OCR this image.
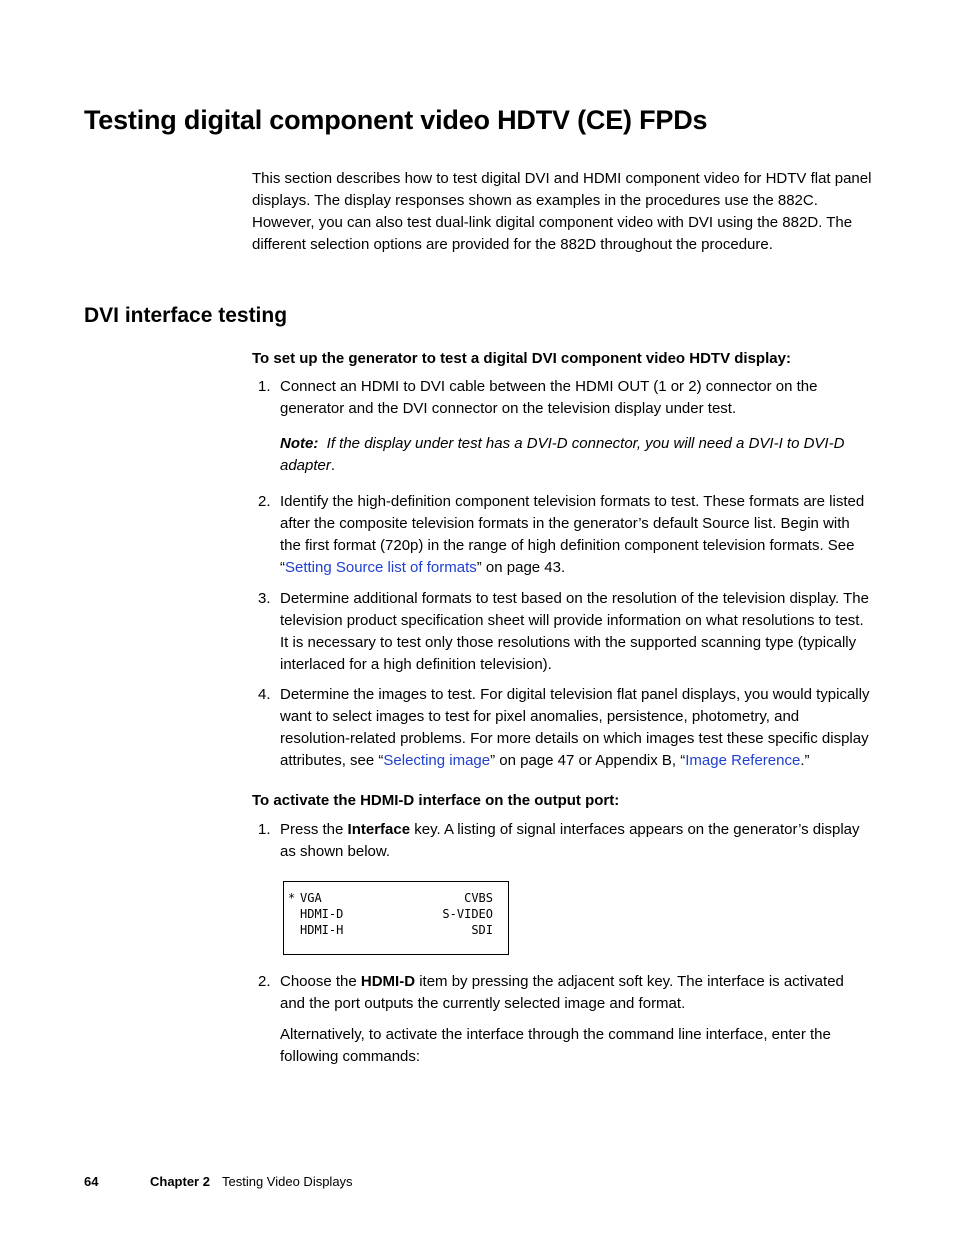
Testing digital component video HDTV (CE) FPDs
This section describes how to test digital DVI and HDMI component video for HDTV flat panel displays. The display responses shown as examples in the procedures use the 882C. However, you can also test dual-link digital component video with DVI using the 882D. The different selection options are provided for the 882D throughout the procedure.
DVI interface testing
To set up the generator to test a digital DVI component video HDTV display:
1. Connect an HDMI to DVI cable between the HDMI OUT (1 or 2) connector on the generator and the DVI connector on the television display under test.
Note: If the display under test has a DVI-D connector, you will need a DVI-I to DVI-D adapter.
2. Identify the high-definition component television formats to test. These formats are listed after the composite television formats in the generator’s default Source list. Begin with the first format (720p) in the range of high definition component television formats. See “Setting Source list of formats” on page 43.
3. Determine additional formats to test based on the resolution of the television display. The television product specification sheet will provide information on what resolutions to test. It is necessary to test only those resolutions with the supported scanning type (typically interlaced for a high definition television).
4. Determine the images to test. For digital television flat panel displays, you would typically want to select images to test for pixel anomalies, persistence, photometry, and resolution-related problems. For more details on which images test these specific display attributes, see “Selecting image” on page 47 or Appendix B, “Image Reference.”
To activate the HDMI-D interface on the output port:
1. Press the Interface key. A listing of signal interfaces appears on the generator’s display as shown below.
* VGA	CVBS
HDMI-D	S-VIDEO
HDMI-H	SDI
2. Choose the HDMI-D item by pressing the adjacent soft key. The interface is activated and the port outputs the currently selected image and format.
Alternatively, to activate the interface through the command line interface, enter the following commands:
64	Chapter 2 Testing Video Displays
